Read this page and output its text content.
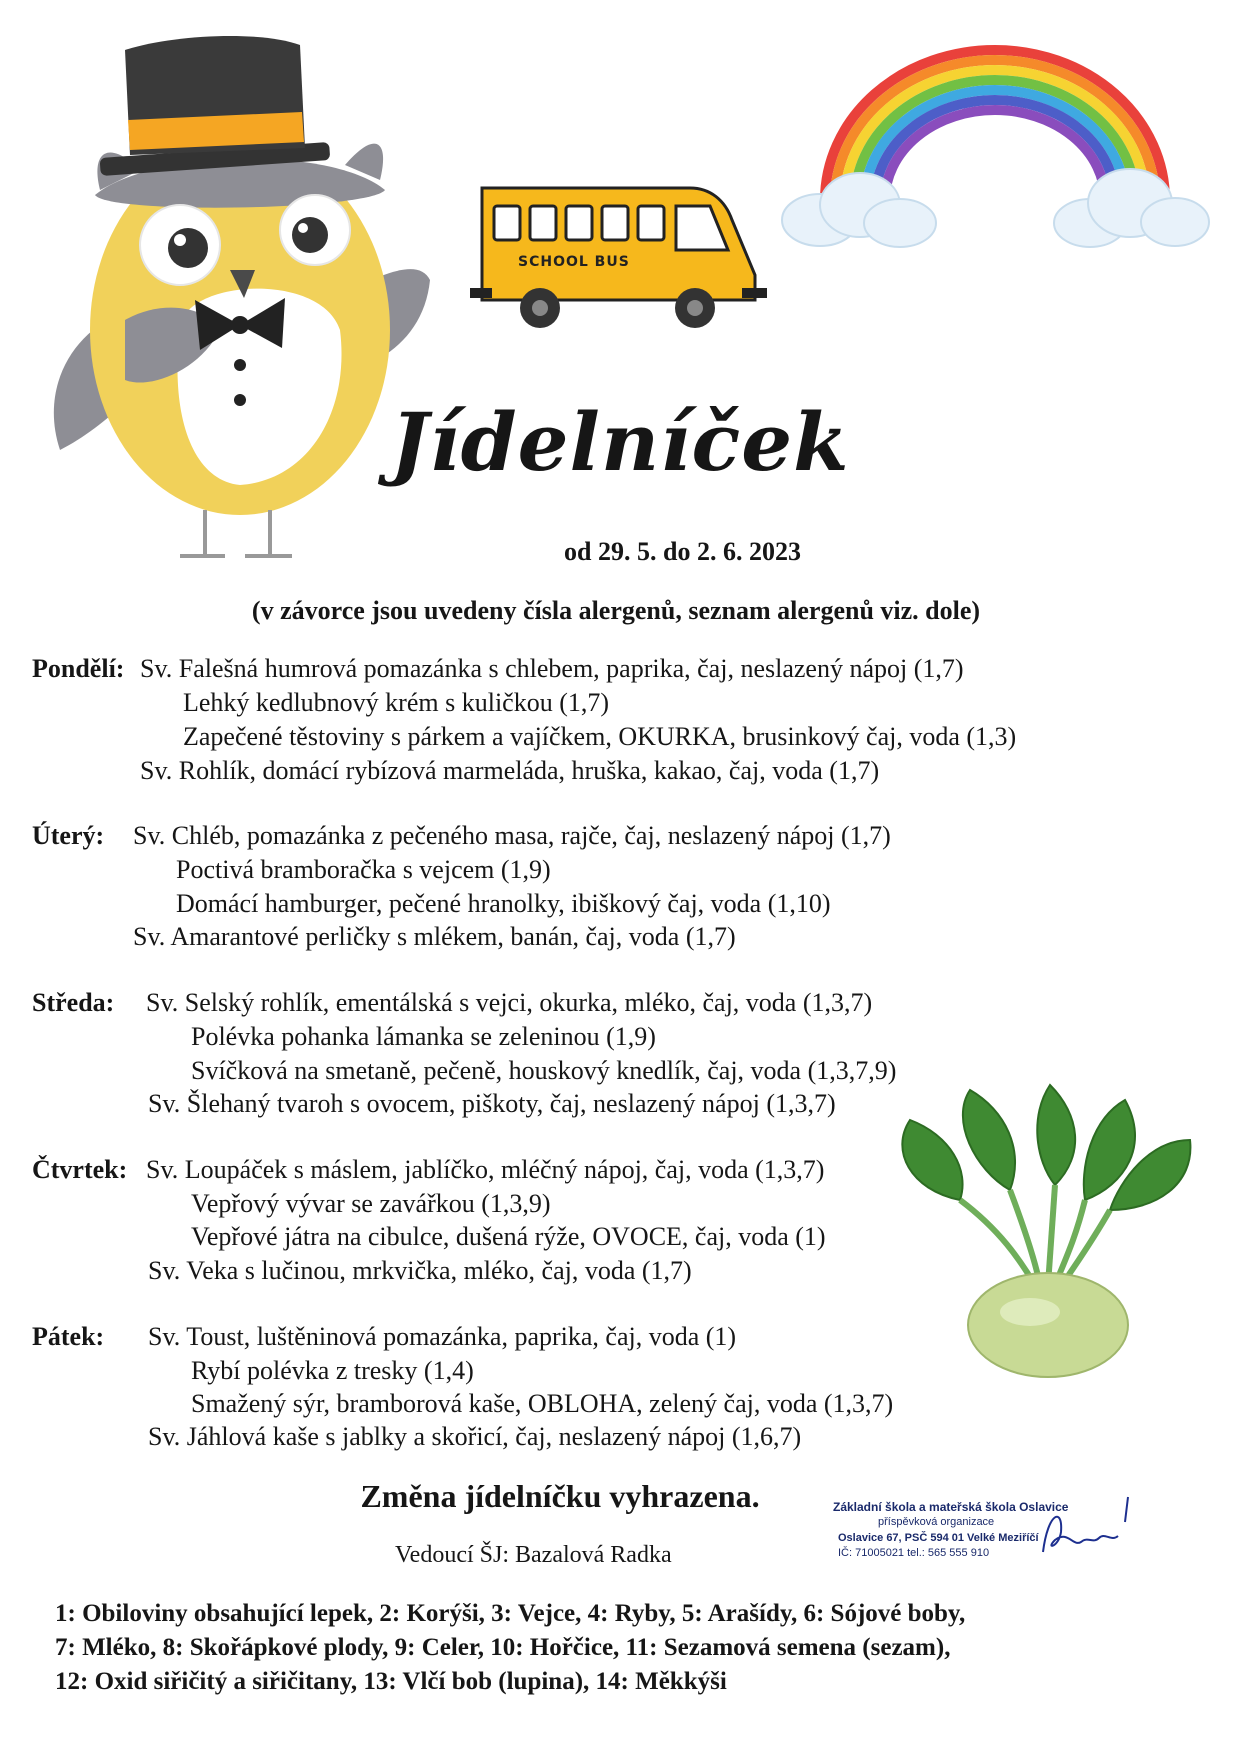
SCHOOL BUS
Jídelníček
od 29. 5. do 2. 6. 2023
(v závorce jsou uvedeny čísla alergenů, seznam alergenů viz. dole)
Pondělí: Sv. Falešná humrová pomazánka s chlebem, paprika, čaj, neslazený nápoj (1,7)
Lehký kedlubnový krém s kuličkou (1,7)
Zapečené těstoviny s párkem a vajíčkem, OKURKA, brusinkový čaj, voda (1,3)
Sv. Rohlík, domácí rybízová marmeláda, hruška, kakao, čaj, voda (1,7)
Úterý: Sv. Chléb, pomazánka z pečeného masa, rajče, čaj, neslazený nápoj (1,7)
Poctivá bramboračka s vejcem (1,9)
Domácí hamburger, pečené hranolky, ibiškový čaj, voda (1,10)
Sv. Amarantové perličky s mlékem, banán, čaj, voda (1,7)
Středa: Sv. Selský rohlík, ementálská s vejci, okurka, mléko, čaj, voda (1,3,7)
Polévka pohanka lámanka se zeleninou (1,9)
Svíčková na smetaně, pečeně, houskový knedlík, čaj, voda (1,3,7,9)
Sv. Šlehaný tvaroh s ovocem, piškoty, čaj, neslazený nápoj (1,3,7)
Čtvrtek: Sv. Loupáček s máslem, jablíčko, mléčný nápoj, čaj, voda (1,3,7)
Vepřový vývar se zavářkou (1,3,9)
Vepřové játra na cibulce, dušená rýže, OVOCE, čaj, voda (1)
Sv. Veka s lučinou, mrkvička, mléko, čaj, voda (1,7)
Pátek: Sv. Toust, luštěninová pomazánka, paprika, čaj, voda (1)
Rybí polévka z tresky (1,4)
Smažený sýr, bramborová kaše, OBLOHA, zelený čaj, voda (1,3,7)
Sv. Jáhlová kaše s jablky a skořicí, čaj, neslazený nápoj (1,6,7)
Změna jídelníčku vyhrazena.
Vedoucí ŠJ: Bazalová Radka
Základní škola a mateřská škola Oslavice
příspěvková organizace
Oslavice 67, PSČ 594 01 Velké Meziříčí
IČ: 71005021 tel.: 565 555 910
1: Obiloviny obsahující lepek, 2: Korýši, 3: Vejce, 4: Ryby, 5: Arašídy, 6: Sójové boby,
7: Mléko, 8: Skořápkové plody, 9: Celer, 10: Hořčice, 11: Sezamová semena (sezam),
12: Oxid siřičitý a siřičitany, 13: Vlčí bob (lupina), 14: Měkkýši
